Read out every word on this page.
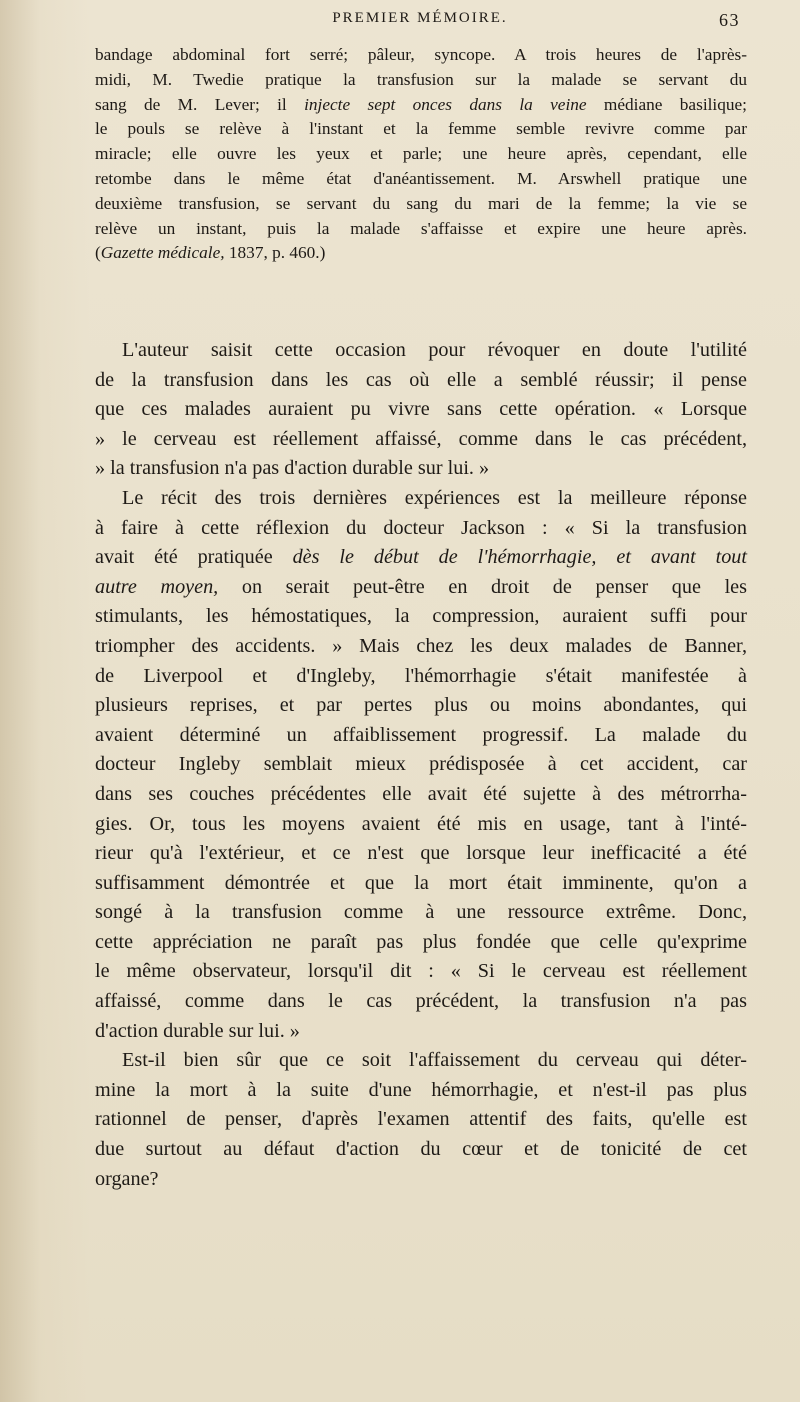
PREMIER MÉMOIRE.	63
bandage abdominal fort serré; pâleur, syncope. A trois heures de l'après-
midi, M. Twedie pratique la transfusion sur la malade se servant du
sang de M. Lever; il injecte sept onces dans la veine médiane basilique;
le pouls se relève à l'instant et la femme semble revivre comme par
miracle; elle ouvre les yeux et parle; une heure après, cependant, elle
retombe dans le même état d'anéantissement. M. Arswhell pratique une
deuxième transfusion, se servant du sang du mari de la femme; la vie se
relève un instant, puis la malade s'affaisse et expire une heure après.
(Gazette médicale, 1837, p. 460.)
L'auteur saisit cette occasion pour révoquer en doute l'utilité
de la transfusion dans les cas où elle a semblé réussir; il pense
que ces malades auraient pu vivre sans cette opération. « Lorsque
» le cerveau est réellement affaissé, comme dans le cas précédent,
» la transfusion n'a pas d'action durable sur lui. »
Le récit des trois dernières expériences est la meilleure réponse
à faire à cette réflexion du docteur Jackson : « Si la transfusion
avait été pratiquée dès le début de l'hémorrhagie, et avant tout
autre moyen, on serait peut-être en droit de penser que les
stimulants, les hémostatiques, la compression, auraient suffi pour
triompher des accidents. » Mais chez les deux malades de Banner,
de Liverpool et d'Ingleby, l'hémorrhagie s'était manifestée à
plusieurs reprises, et par pertes plus ou moins abondantes, qui
avaient déterminé un affaiblissement progressif. La malade du
docteur Ingleby semblait mieux prédisposée à cet accident, car
dans ses couches précédentes elle avait été sujette à des métrorrha-
gies. Or, tous les moyens avaient été mis en usage, tant à l'inté-
rieur qu'à l'extérieur, et ce n'est que lorsque leur inefficacité a été
suffisamment démontrée et que la mort était imminente, qu'on a
songé à la transfusion comme à une ressource extrême. Donc,
cette appréciation ne paraît pas plus fondée que celle qu'exprime
le même observateur, lorsqu'il dit : « Si le cerveau est réellement
affaissé, comme dans le cas précédent, la transfusion n'a pas
d'action durable sur lui. »
Est-il bien sûr que ce soit l'affaissement du cerveau qui déter-
mine la mort à la suite d'une hémorrhagie, et n'est-il pas plus
rationnel de penser, d'après l'examen attentif des faits, qu'elle est
due surtout au défaut d'action du cœur et de tonicité de cet
organe?
